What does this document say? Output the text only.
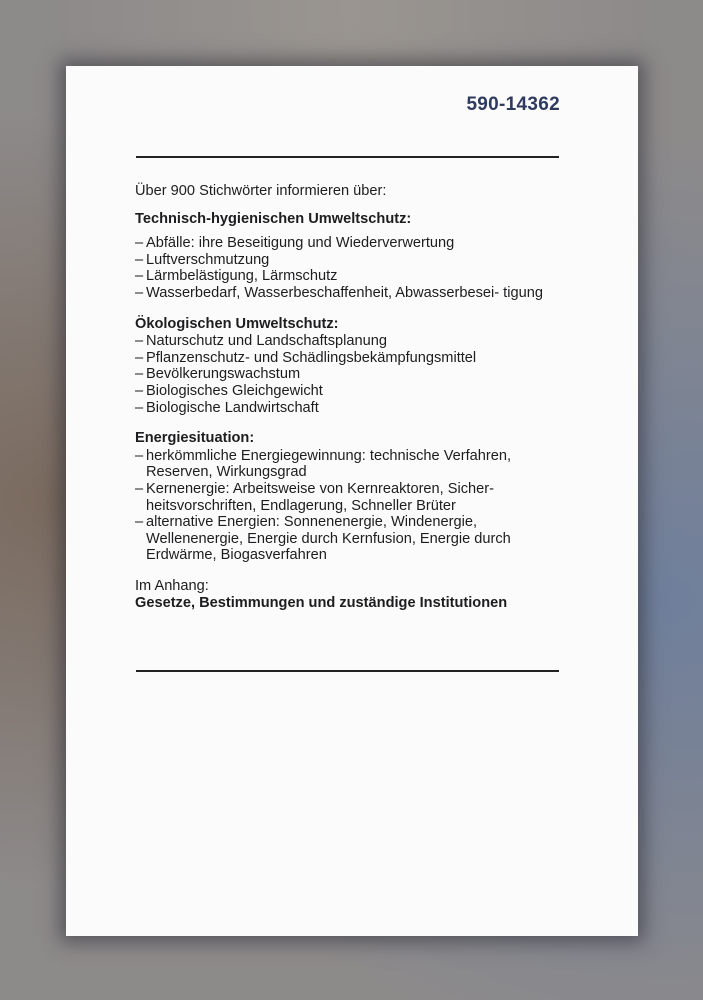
590-14362

Über 900 Stichwörter informieren über:

Technisch-hygienischen Umweltschutz:

– Abfälle: ihre Beseitigung und Wiederverwertung
– Luftverschmutzung
– Lärmbelästigung, Lärmschutz
– Wasserbedarf, Wasserbeschaffenheit, Abwasserbesei- tigung

Ökologischen Umweltschutz:

– Naturschutz und Landschaftsplanung
– Pflanzenschutz- und Schädlingsbekämpfungsmittel
– Bevölkerungswachstum
– Biologisches Gleichgewicht
– Biologische Landwirtschaft

Energiesituation:

– herkömmliche Energiegewinnung: technische Verfahren, Reserven, Wirkungsgrad
– Kernenergie: Arbeitsweise von Kernreaktoren, Sicher- heitsvorschriften, Endlagerung, Schneller Brüter
– alternative Energien: Sonnenenergie, Windenergie, Wellenenergie, Energie durch Kernfusion, Energie durch Erdwärme, Biogasverfahren

Im Anhang:

Gesetze, Bestimmungen und zuständige Institutionen
